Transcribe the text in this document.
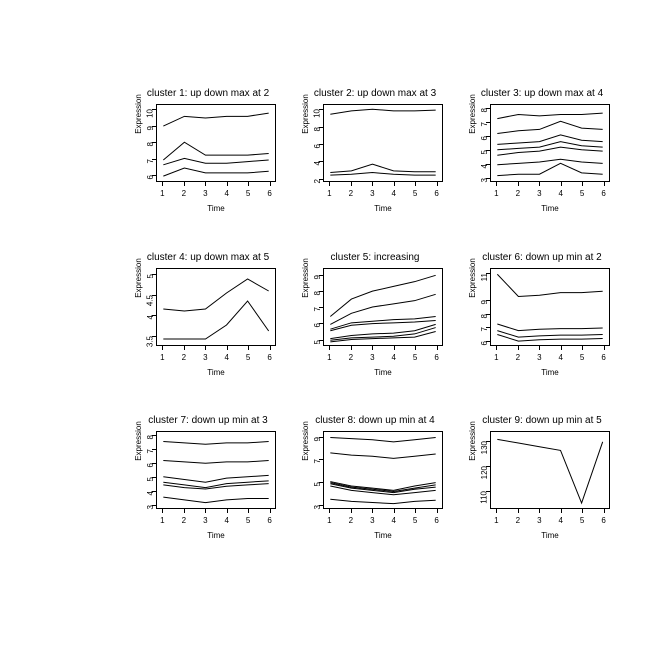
cluster 1: up down max at 2
Expression
Time
1 2 3 4 5 6
6
7
8
9
10
cluster 2: up down max at 3
Expression
Time
1 2 3 4 5 6
2
4
6
8
10
cluster 3: up down max at 4
Expression
Time
1 2 3 4 5 6
3
4
5
6
7
8
cluster 4: up down max at 5
Expression
Time
1 2 3 4 5 6
3.5
4
4.5
5
cluster 5: increasing
Expression
Time
1 2 3 4 5 6
5
6
7
8
9
cluster 6: down up min at 2
Expression
Time
1 2 3 4 5 6
6
7
8
9
11
cluster 7: down up min at 3
Expression
Time
1 2 3 4 5 6
3
4
5
6
7
8
cluster 8: down up min at 4
Expression
Time
1 2 3 4 5 6
3
5
7
9
cluster 9: down up min at 5
Expression
Time
1 2 3 4 5 6
110
120
130
